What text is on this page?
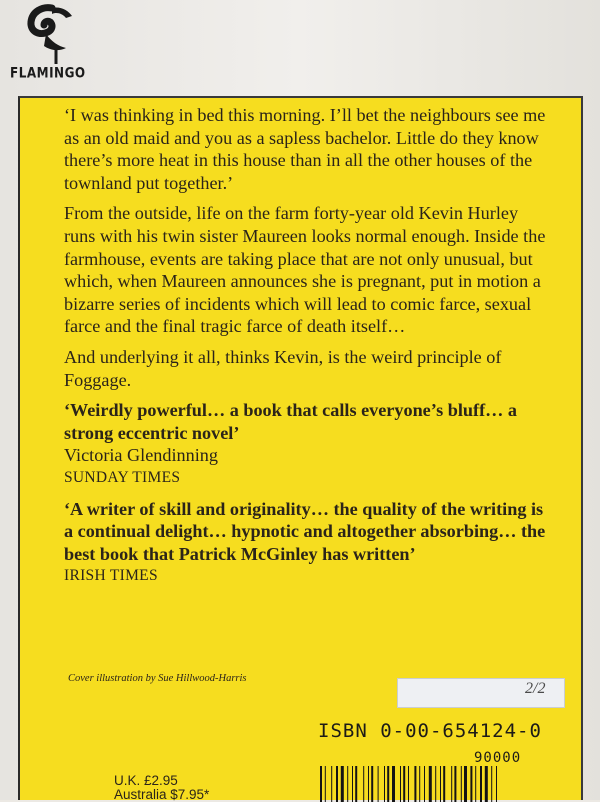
FLAMINGO

‘I was thinking in bed this morning. I’ll bet the neighbours see me as an old maid and you as a sapless bachelor. Little do they know there’s more heat in this house than in all the other houses of the townland put together.’

From the outside, life on the farm forty-year old Kevin Hurley runs with his twin sister Maureen looks normal enough. Inside the farmhouse, events are taking place that are not only unusual, but which, when Maureen announces she is pregnant, put in motion a bizarre series of incidents which will lead to comic farce, sexual farce and the final tragic farce of death itself…

And underlying it all, thinks Kevin, is the weird principle of Foggage.

‘Weirdly powerful… a book that calls everyone’s bluff… a strong eccentric novel’
Victoria Glendinning
SUNDAY TIMES
‘A writer of skill and originality… the quality of the writing is a continual delight… hypnotic and altogether absorbing… the best book that Patrick McGinley has written’
IRISH TIMES
Cover illustration by Sue Hillwood-Harris
ISBN 0-00-654124-0
90000
U.K. £2.95
Australia $7.95*
2/2
